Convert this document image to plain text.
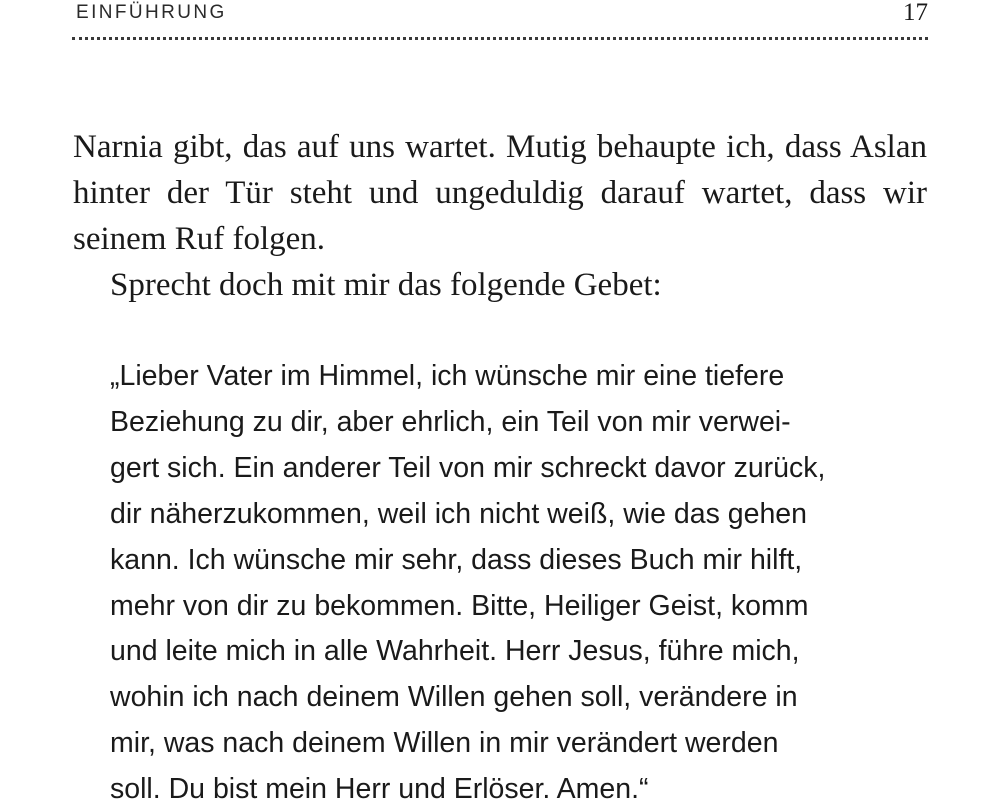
EINFÜHRUNG	17
Narnia gibt, das auf uns wartet. Mutig behaupte ich, dass Aslan
hinter der Tür steht und ungeduldig darauf wartet, dass wir
seinem Ruf folgen.
Sprecht doch mit mir das folgende Gebet:
„Lieber Vater im Himmel, ich wünsche mir eine tiefere
Beziehung zu dir, aber ehrlich, ein Teil von mir verwei-
gert sich. Ein anderer Teil von mir schreckt davor zurück,
dir näherzukommen, weil ich nicht weiß, wie das gehen
kann. Ich wünsche mir sehr, dass dieses Buch mir hilft,
mehr von dir zu bekommen. Bitte, Heiliger Geist, komm
und leite mich in alle Wahrheit. Herr Jesus, führe mich,
wohin ich nach deinem Willen gehen soll, verändere in
mir, was nach deinem Willen in mir verändert werden
soll. Du bist mein Herr und Erlöser. Amen.“
